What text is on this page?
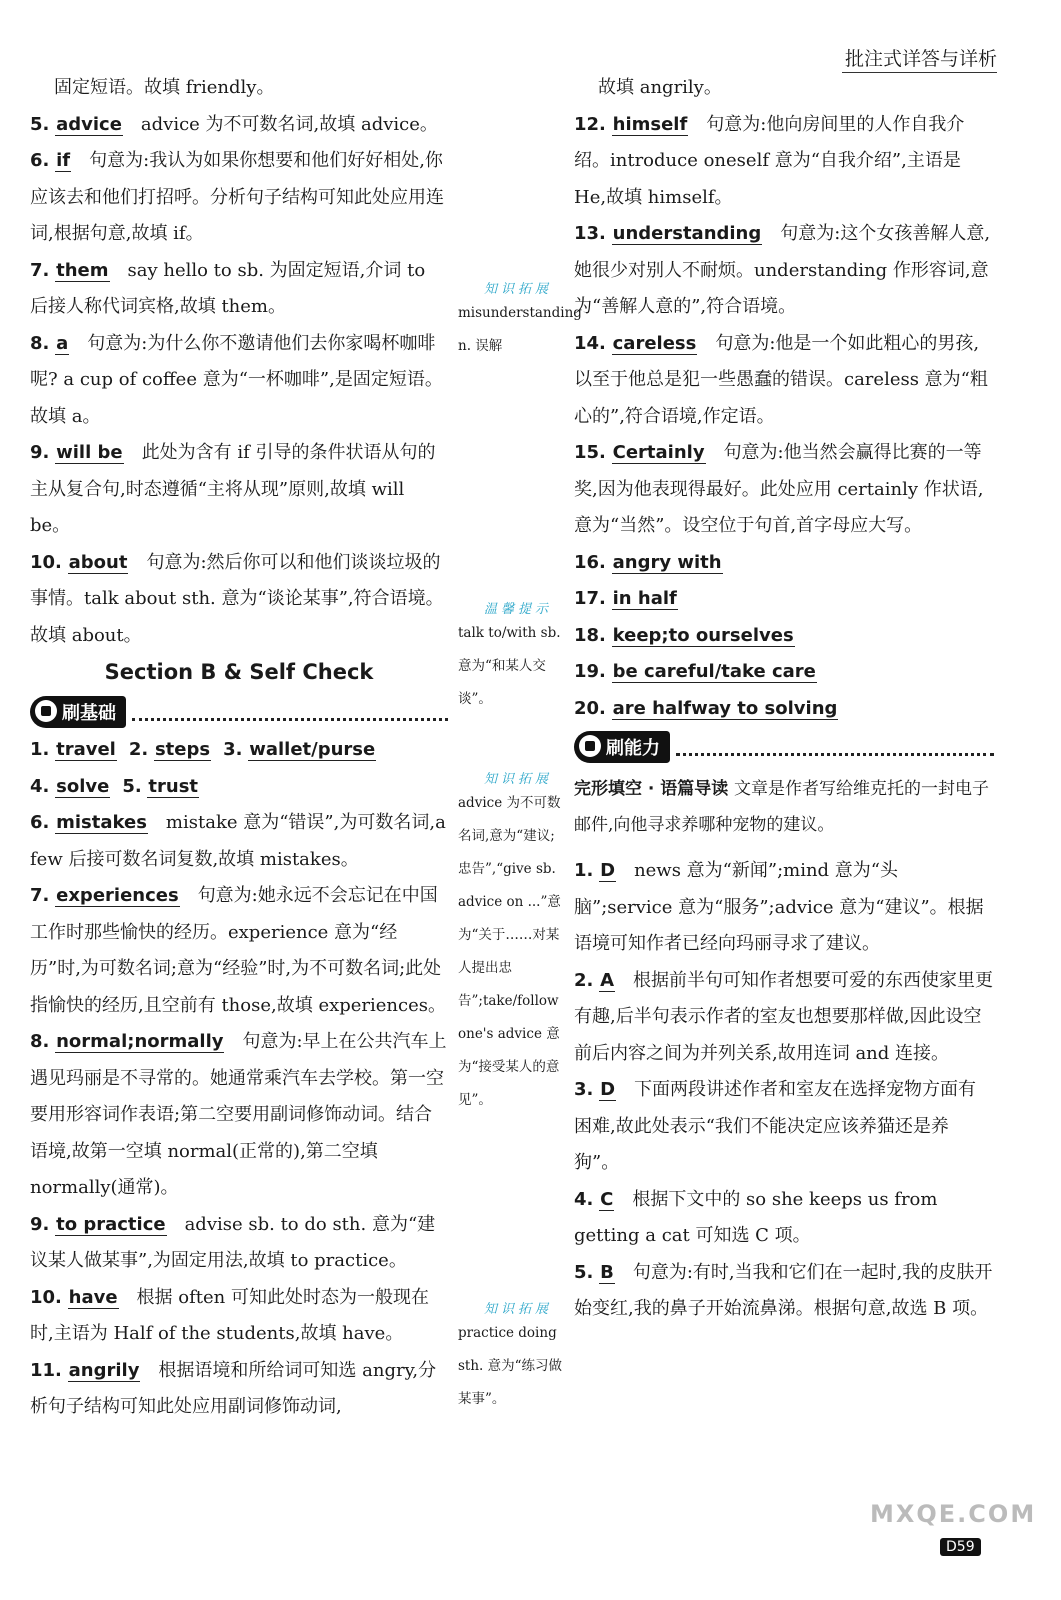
批注式详答与详析

固定短语。故填 friendly。

5. advice advice 为不可数名词,故填 advice。

6. if 句意为:我认为如果你想要和他们好好相处,你应该去和他们打招呼。分析句子结构可知此处应用连词,根据句意,故填 if。

7. them say hello to sb. 为固定短语,介词 to 后接人称代词宾格,故填 them。

8. a 句意为:为什么你不邀请他们去你家喝杯咖啡呢? a cup of coffee 意为“一杯咖啡”,是固定短语。故填 a。

9. will be 此处为含有 if 引导的条件状语从句的主从复合句,时态遵循“主将从现”原则,故填 will be。

10. about 句意为:然后你可以和他们谈谈垃圾的事情。talk about sth. 意为“谈论某事”,符合语境。故填 about。

Section B & Self Check
刷基础
1. travel 2. steps 3. wallet/purse
4. solve 5. trust

6. mistakes mistake 意为“错误”,为可数名词,a few 后接可数名词复数,故填 mistakes。

7. experiences 句意为:她永远不会忘记在中国工作时那些愉快的经历。experience 意为“经历”时,为可数名词;意为“经验”时,为不可数名词;此处指愉快的经历,且空前有 those,故填 experiences。

8. normal;normally 句意为:早上在公共汽车上遇见玛丽是不寻常的。她通常乘汽车去学校。第一空要用形容词作表语;第二空要用副词修饰动词。结合语境,故第一空填 normal(正常的),第二空填 normally(通常)。

9. to practice advise sb. to do sth. 意为“建议某人做某事”,为固定用法,故填 to practice。

10. have 根据 often 可知此处时态为一般现在时,主语为 Half of the students,故填 have。

11. angrily 根据语境和所给词可知选 angry,分析句子结构可知此处应用副词修饰动词,

知识拓展
misunderstanding n. 误解
温馨提示
talk to/with sb. 意为“和某人交谈”。
知识拓展
advice 为不可数名词,意为“建议;忠告”,“give sb. advice on ...”意为“关于……对某人提出忠告”;take/follow one's advice 意为“接受某人的意见”。
知识拓展
practice doing sth. 意为“练习做某事”。

故填 angrily。

12. himself 句意为:他向房间里的人作自我介绍。introduce oneself 意为“自我介绍”,主语是 He,故填 himself。

13. understanding 句意为:这个女孩善解人意,她很少对别人不耐烦。understanding 作形容词,意为“善解人意的”,符合语境。

14. careless 句意为:他是一个如此粗心的男孩,以至于他总是犯一些愚蠢的错误。careless 意为“粗心的”,符合语境,作定语。

15. Certainly 句意为:他当然会赢得比赛的一等奖,因为他表现得最好。此处应用 certainly 作状语,意为“当然”。设空位于句首,首字母应大写。

16. angry with

17. in half

18. keep;to ourselves

19. be careful/take care

20. are halfway to solving

刷能力

完形填空 · 语篇导读 文章是作者写给维克托的一封电子邮件,向他寻求养哪种宠物的建议。

1. D news 意为“新闻”;mind 意为“头脑”;service 意为“服务”;advice 意为“建议”。根据语境可知作者已经向玛丽寻求了建议。

2. A 根据前半句可知作者想要可爱的东西使家里更有趣,后半句表示作者的室友也想要那样做,因此设空前后内容之间为并列关系,故用连词 and 连接。

3. D 下面两段讲述作者和室友在选择宠物方面有困难,故此处表示“我们不能决定应该养猫还是养狗”。

4. C 根据下文中的 so she keeps us from getting a cat 可知选 C 项。

5. B 句意为:有时,当我和它们在一起时,我的皮肤开始变红,我的鼻子开始流鼻涕。根据句意,故选 B 项。

MXQE.COM
D59
